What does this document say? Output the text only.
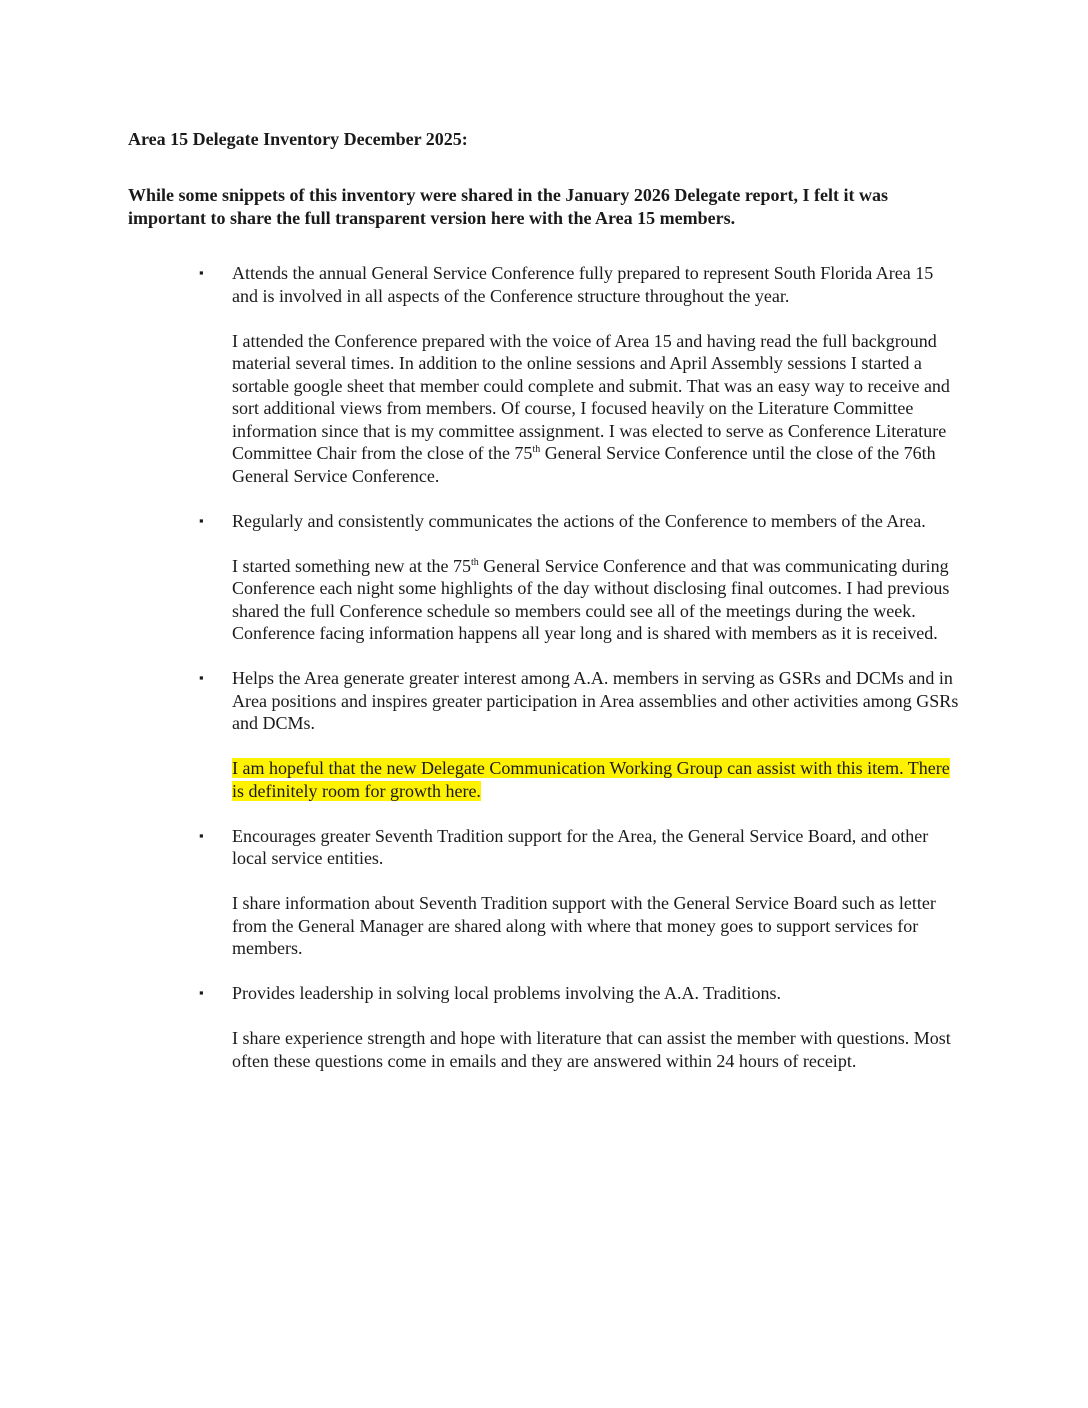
Area 15 Delegate Inventory December 2025:

While some snippets of this inventory were shared in the January 2026 Delegate report, I felt it was important to share the full transparent version here with the Area 15 members.

▪ Attends the annual General Service Conference fully prepared to represent South Florida Area 15 and is involved in all aspects of the Conference structure throughout the year.

I attended the Conference prepared with the voice of Area 15 and having read the full background material several times. In addition to the online sessions and April Assembly sessions I started a sortable google sheet that member could complete and submit. That was an easy way to receive and sort additional views from members. Of course, I focused heavily on the Literature Committee information since that is my committee assignment. I was elected to serve as Conference Literature Committee Chair from the close of the 75th General Service Conference until the close of the 76th General Service Conference.

▪ Regularly and consistently communicates the actions of the Conference to members of the Area.

I started something new at the 75th General Service Conference and that was communicating during Conference each night some highlights of the day without disclosing final outcomes. I had previous shared the full Conference schedule so members could see all of the meetings during the week. Conference facing information happens all year long and is shared with members as it is received.

▪ Helps the Area generate greater interest among A.A. members in serving as GSRs and DCMs and in Area positions and inspires greater participation in Area assemblies and other activities among GSRs and DCMs.

I am hopeful that the new Delegate Communication Working Group can assist with this item. There is definitely room for growth here.

▪ Encourages greater Seventh Tradition support for the Area, the General Service Board, and other local service entities.

I share information about Seventh Tradition support with the General Service Board such as letter from the General Manager are shared along with where that money goes to support services for members.

▪ Provides leadership in solving local problems involving the A.A. Traditions.

I share experience strength and hope with literature that can assist the member with questions. Most often these questions come in emails and they are answered within 24 hours of receipt.
